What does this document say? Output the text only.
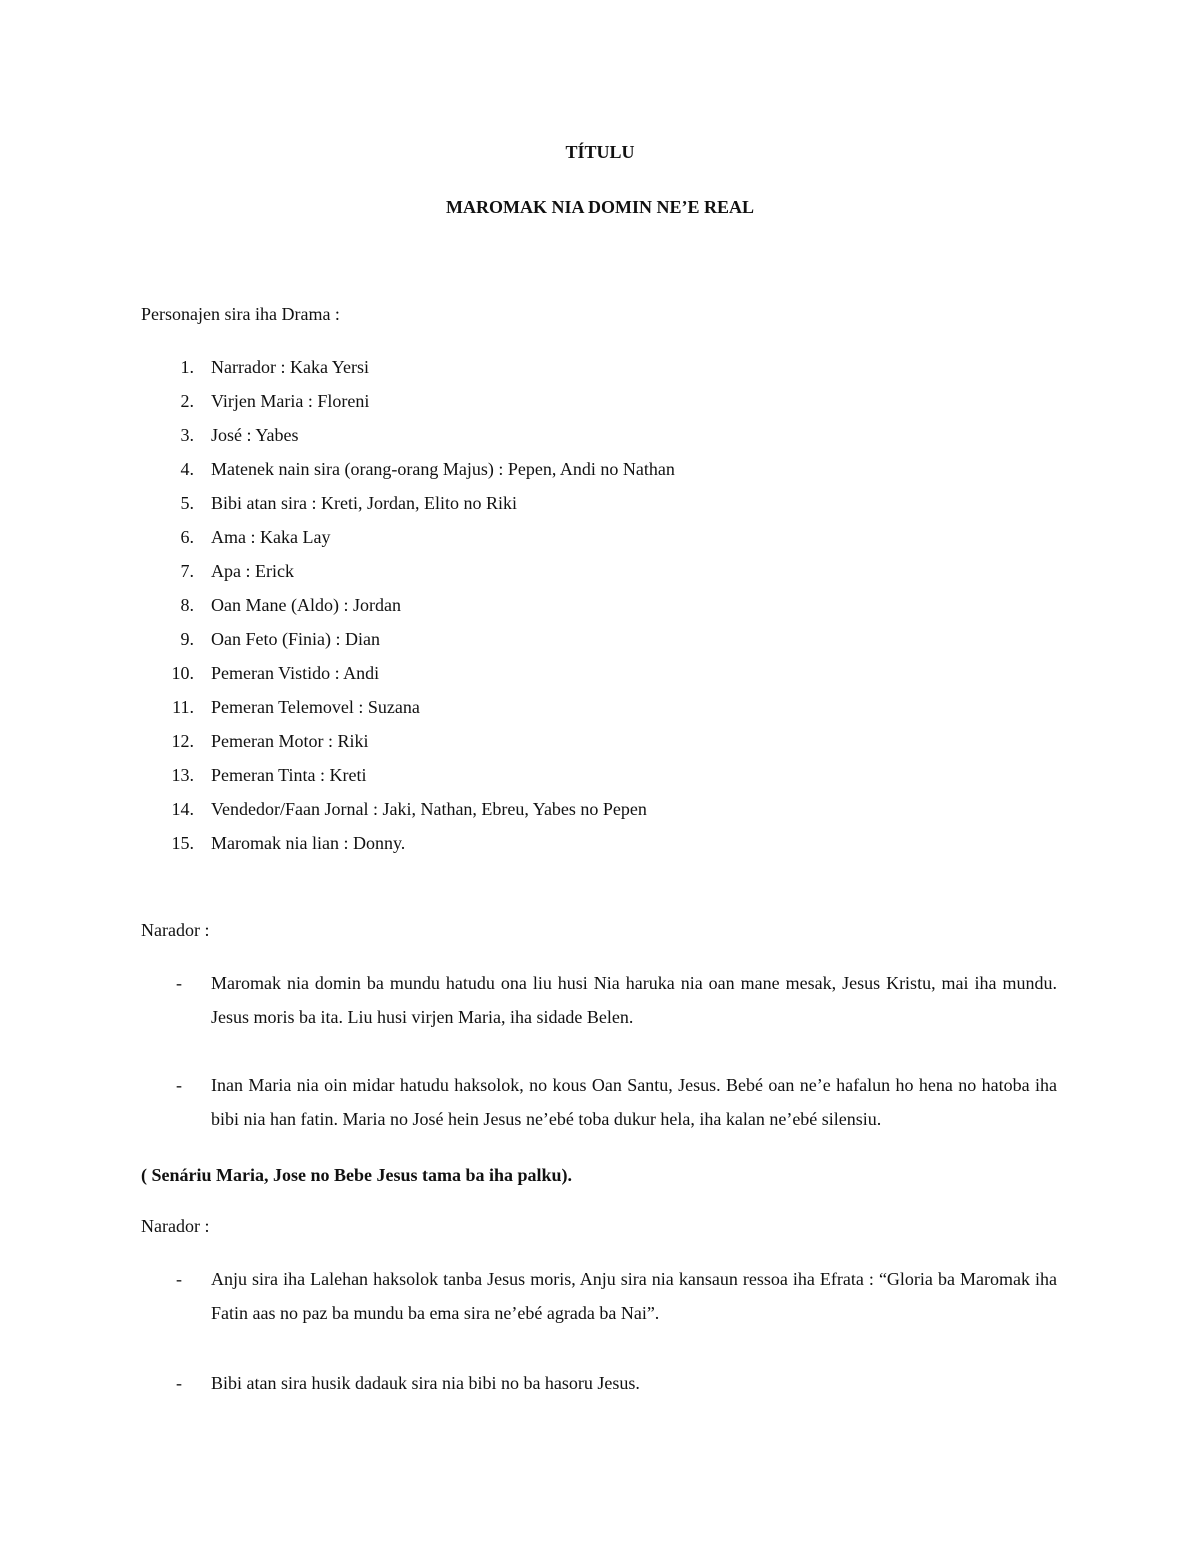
TÍTULU
MAROMAK NIA DOMIN NE’E REAL
Personajen sira iha Drama :
1. Narrador : Kaka Yersi
2. Virjen Maria : Floreni
3. José : Yabes
4. Matenek nain sira (orang-orang Majus) : Pepen, Andi no Nathan
5. Bibi atan sira : Kreti, Jordan, Elito no Riki
6. Ama : Kaka Lay
7. Apa : Erick
8. Oan Mane (Aldo) : Jordan
9. Oan Feto (Finia) : Dian
10. Pemeran Vistido : Andi
11. Pemeran Telemovel : Suzana
12. Pemeran Motor : Riki
13. Pemeran Tinta : Kreti
14. Vendedor/Faan Jornal : Jaki, Nathan, Ebreu, Yabes no Pepen
15. Maromak nia lian : Donny.
Narador :
- Maromak nia domin ba mundu hatudu ona liu husi Nia haruka nia oan mane mesak, Jesus Kristu, mai iha mundu. Jesus moris ba ita. Liu husi virjen Maria, iha sidade Belen.
- Inan Maria nia oin midar hatudu haksolok, no kous Oan Santu, Jesus. Bebé oan ne’e hafalun ho hena no hatoba iha bibi nia han fatin. Maria no José hein Jesus ne’ebé toba dukur hela, iha kalan ne’ebé silensiu.
( Senáriu Maria, Jose no Bebe Jesus tama ba iha palku).
Narador :
- Anju sira iha Lalehan haksolok tanba Jesus moris, Anju sira nia kansaun ressoa iha Efrata : “Gloria ba Maromak iha Fatin aas no paz ba mundu ba ema sira ne’ebé agrada ba Nai”.
- Bibi atan sira husik dadauk sira nia bibi no ba hasoru Jesus.
